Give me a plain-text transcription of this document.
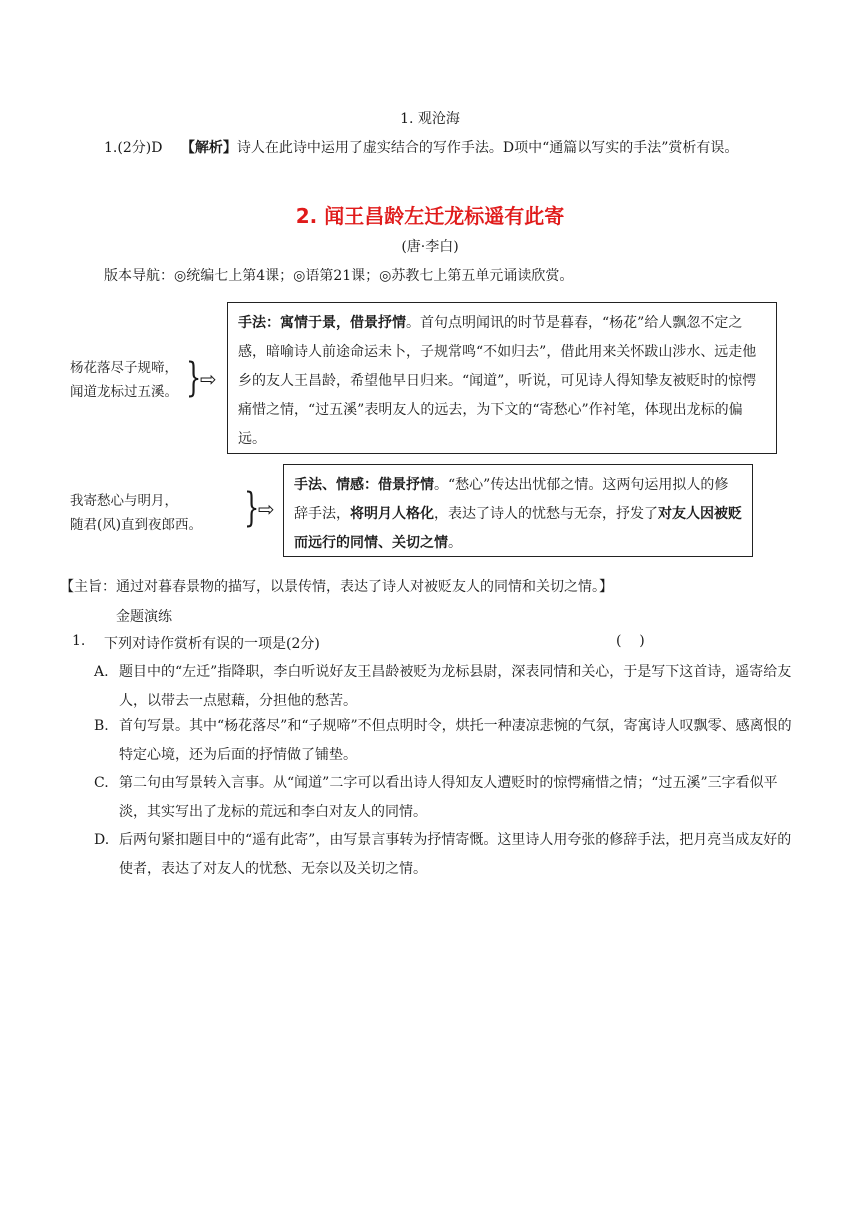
1. 观沧海
1.(2分)D 【解析】诗人在此诗中运用了虚实结合的写作手法。D项中“通篇以写实的手法”赏析有误。
2. 闻王昌龄左迁龙标遥有此寄
(唐·李白)
版本导航：◎统编七上第4课；◎语第21课；◎苏教七上第五单元诵读欣赏。
杨花落尽子规啼，
闻道龙标过五溪。 }
⇨
手法：寓情于景，借景抒情。首句点明闻讯的时节是暮春，“杨花”给人飘忽不定之感，暗喻诗人前途命运未卜，子规常鸣“不如归去”，借此用来关怀跋山涉水、远走他乡的友人王昌龄，希望他早日归来。“闻道”，听说，可见诗人得知挚友被贬时的惊愕痛惜之情，“过五溪”表明友人的远去，为下文的“寄愁心”作衬笔，体现出龙标的偏远。
我寄愁心与明月，
随君(风)直到夜郎西。 }
⇨
手法、情感：借景抒情。“愁心”传达出忧郁之情。这两句运用拟人的修辞手法，将明月人格化，表达了诗人的忧愁与无奈，抒发了对友人因被贬而远行的同情、关切之情。
【主旨：通过对暮春景物的描写，以景传情，表达了诗人对被贬友人的同情和关切之情。】
金题演练
1. 下列对诗作赏析有误的一项是(2分)	(    )
A. 题目中的“左迁”指降职，李白听说好友王昌龄被贬为龙标县尉，深表同情和关心，于是写下这首诗，遥寄给友人，以带去一点慰藉，分担他的愁苦。
B. 首句写景。其中“杨花落尽”和“子规啼”不但点明时令，烘托一种凄凉悲惋的气氛，寄寓诗人叹飘零、感离恨的特定心境，还为后面的抒情做了铺垫。
C. 第二句由写景转入言事。从“闻道”二字可以看出诗人得知友人遭贬时的惊愕痛惜之情；“过五溪”三字看似平淡，其实写出了龙标的荒远和李白对友人的同情。
D. 后两句紧扣题目中的“遥有此寄”，由写景言事转为抒情寄慨。这里诗人用夸张的修辞手法，把月亮当成友好的使者，表达了对友人的忧愁、无奈以及关切之情。
